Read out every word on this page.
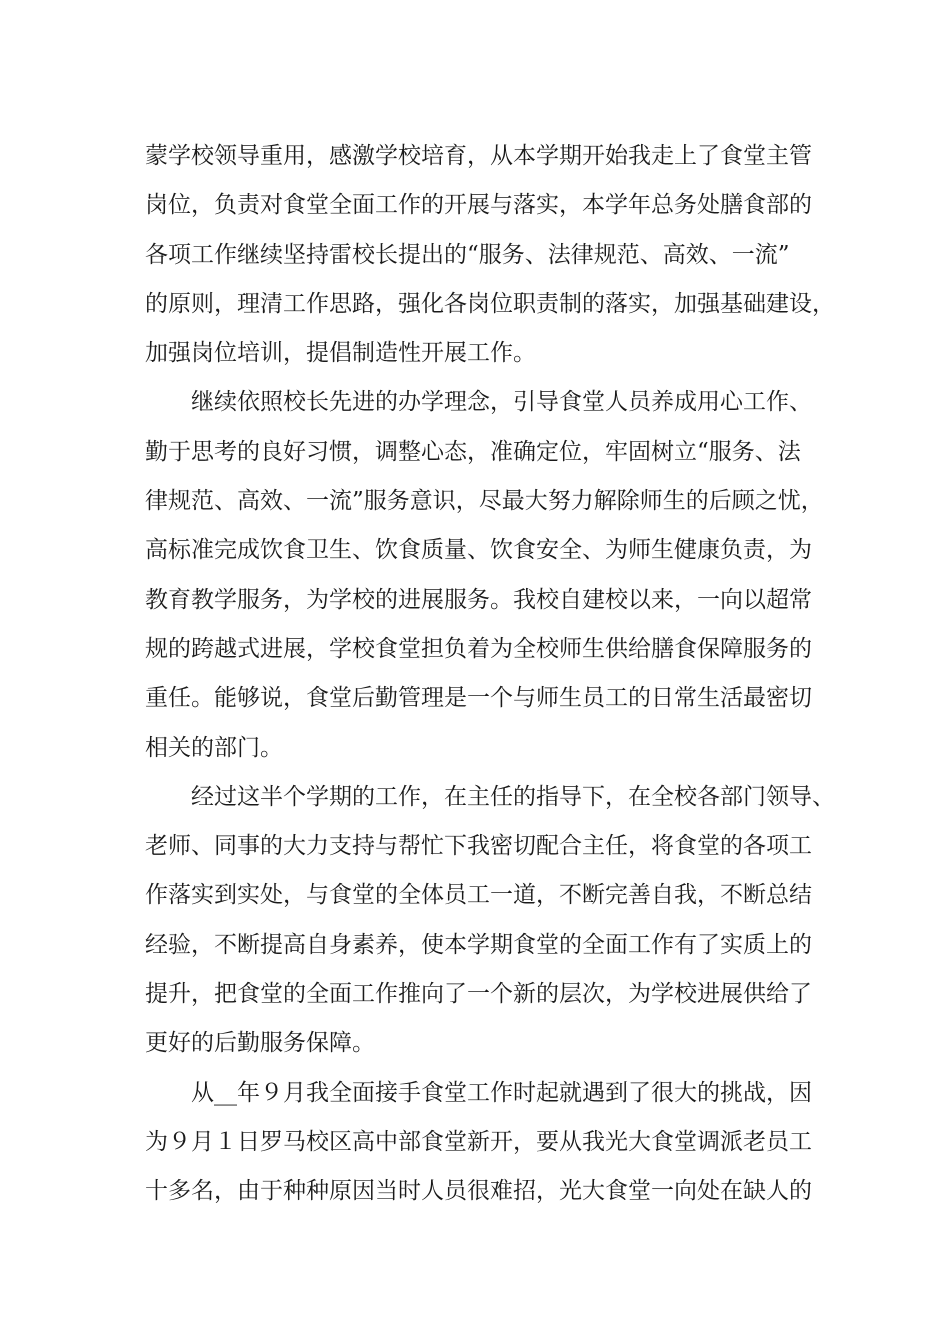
蒙学校领导重用，感激学校培育，从本学期开始我走上了食堂主管
岗位，负责对食堂全面工作的开展与落实，本学年总务处膳食部的
各项工作继续坚持雷校长提出的“服务、法律规范、高效、一流”
的原则，理清工作思路，强化各岗位职责制的落实，加强基础建设，
加强岗位培训，提倡制造性开展工作。
继续依照校长先进的办学理念，引导食堂人员养成用心工作、
勤于思考的良好习惯，调整心态，准确定位，牢固树立“服务、法
律规范、高效、一流”服务意识，尽最大努力解除师生的后顾之忧，
高标准完成饮食卫生、饮食质量、饮食安全、为师生健康负责，为
教育教学服务，为学校的进展服务。我校自建校以来，一向以超常
规的跨越式进展，学校食堂担负着为全校师生供给膳食保障服务的
重任。能够说，食堂后勤管理是一个与师生员工的日常生活最密切
相关的部门。
经过这半个学期的工作，在主任的指导下，在全校各部门领导、
老师、同事的大力支持与帮忙下我密切配合主任，将食堂的各项工
作落实到实处，与食堂的全体员工一道，不断完善自我，不断总结
经验，不断提高自身素养，使本学期食堂的全面工作有了实质上的
提升，把食堂的全面工作推向了一个新的层次，为学校进展供给了
更好的后勤服务保障。
从__年９月我全面接手食堂工作时起就遇到了很大的挑战，因
为９月１日罗马校区高中部食堂新开，要从我光大食堂调派老员工
十多名，由于种种原因当时人员很难招，光大食堂一向处在缺人的
